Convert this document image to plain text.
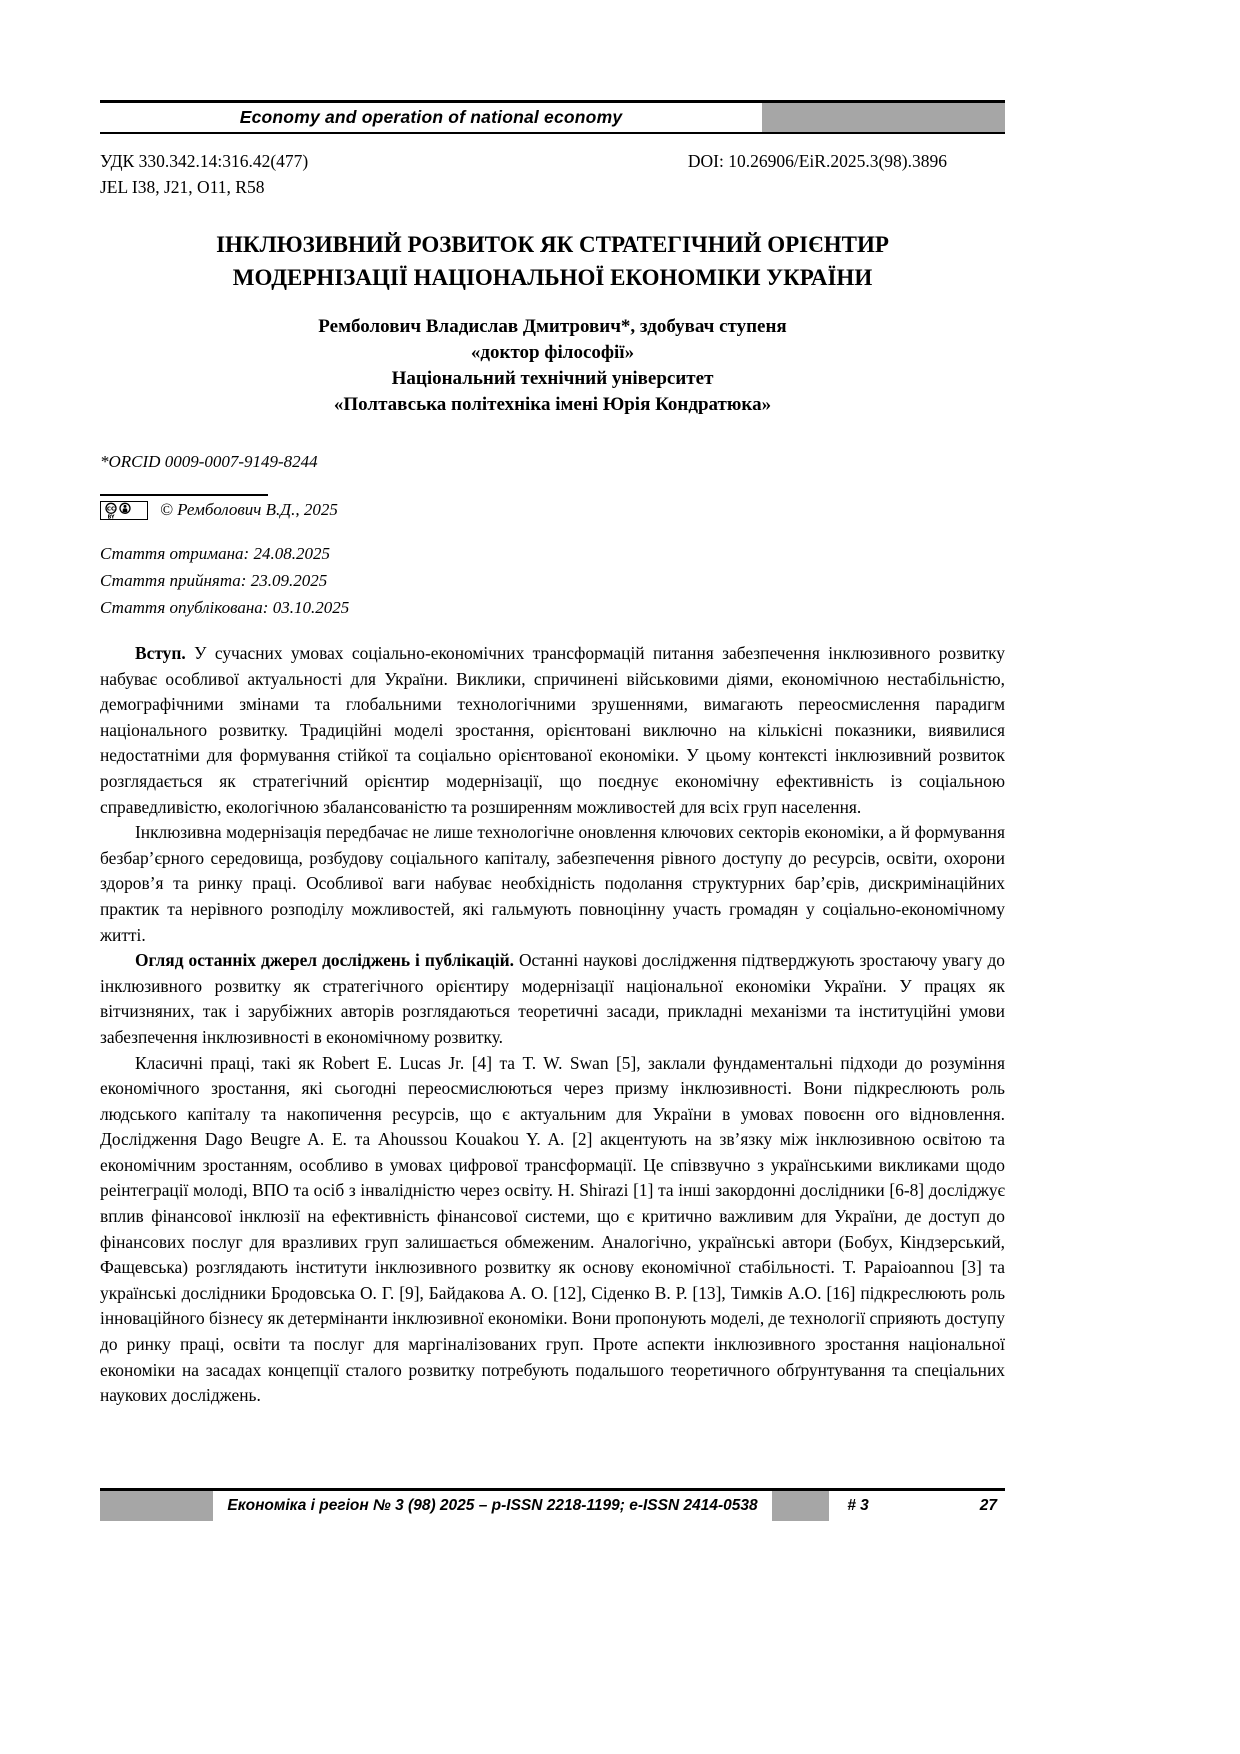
Economy and operation of national economy
УДК 330.342.14:316.42(477)
JEL I38, J21, O11, R58
DOI: 10.26906/EiR.2025.3(98).3896
ІНКЛЮЗИВНИЙ РОЗВИТОК ЯК СТРАТЕГІЧНИЙ ОРІЄНТИР
МОДЕРНІЗАЦІЇ НАЦІОНАЛЬНОЇ ЕКОНОМІКИ УКРАЇНИ
Ремболович Владислав Дмитрович*, здобувач ступеня
«доктор філософії»
Національний технічний університет
«Полтавська політехніка імені Юрія Кондратюка»
*ORCID 0009-0007-9149-8244
CC
BY	© Ремболович В.Д., 2025
Стаття отримана: 24.08.2025
Стаття прийнята: 23.09.2025
Стаття опублікована: 03.10.2025

Вступ. У сучасних умовах соціально-економічних трансформацій питання забезпечення інклюзивного розвитку набуває особливої актуальності для України. Виклики, спричинені військовими діями, економічною нестабільністю, демографічними змінами та глобальними технологічними зрушеннями, вимагають переосмислення парадигм національного розвитку. Традиційні моделі зростання, орієнтовані виключно на кількісні показники, виявилися недостатніми для формування стійкої та соціально орієнтованої економіки. У цьому контексті інклюзивний розвиток розглядається як стратегічний орієнтир модернізації, що поєднує економічну ефективність із соціальною справедливістю, екологічною збалансованістю та розширенням можливостей для всіх груп населення.

Інклюзивна модернізація передбачає не лише технологічне оновлення ключових секторів економіки, а й формування безбар’єрного середовища, розбудову соціального капіталу, забезпечення рівного доступу до ресурсів, освіти, охорони здоров’я та ринку праці. Особливої ваги набуває необхідність подолання структурних бар’єрів, дискримінаційних практик та нерівного розподілу можливостей, які гальмують повноцінну участь громадян у соціально-економічному житті.

Огляд останніх джерел досліджень і публікацій. Останні наукові дослідження підтверджують зростаючу увагу до інклюзивного розвитку як стратегічного орієнтиру модернізації національної економіки України. У працях як вітчизняних, так і зарубіжних авторів розглядаються теоретичні засади, прикладні механізми та інституційні умови забезпечення інклюзивності в економічному розвитку.

Класичні праці, такі як Robert E. Lucas Jr. [4] та T. W. Swan [5], заклали фундаментальні підходи до розуміння економічного зростання, які сьогодні переосмислюються через призму інклюзивності. Вони підкреслюють роль людського капіталу та накопичення ресурсів, що є актуальним для України в умовах повоєнн ого відновлення. Дослідження Dago Beugre A. E. та Ahoussou Kouakou Y. A. [2] акцентують на зв’язку між інклюзивною освітою та економічним зростанням, особливо в умовах цифрової трансформації. Це співзвучно з українськими викликами щодо реінтеграції молоді, ВПО та осіб з інвалідністю через освіту. H. Shirazi [1] та інші закордонні дослідники [6-8] досліджує вплив фінансової інклюзії на ефективність фінансової системи, що є критично важливим для України, де доступ до фінансових послуг для вразливих груп залишається обмеженим. Аналогічно, українські автори (Бобух, Кіндзерський, Фащевська) розглядають інститути інклюзивного розвитку як основу економічної стабільності. T. Papaioannou [3] та українські дослідники Бродовська О. Г. [9], Байдакова А. О. [12], Сіденко В. Р. [13], Тимків А.О. [16] підкреслюють роль інноваційного бізнесу як детермінанти інклюзивної економіки. Вони пропонують моделі, де технології сприяють доступу до ринку праці, освіти та послуг для маргіналізованих груп. Проте аспекти інклюзивного зростання національної економіки на засадах концепції сталого розвитку потребують подальшого теоретичного обґрунтування та спеціальних наукових досліджень.

Економіка і регіон № 3 (98) 2025 – p-ISSN 2218-1199; e-ISSN 2414-0538	# 3	27
